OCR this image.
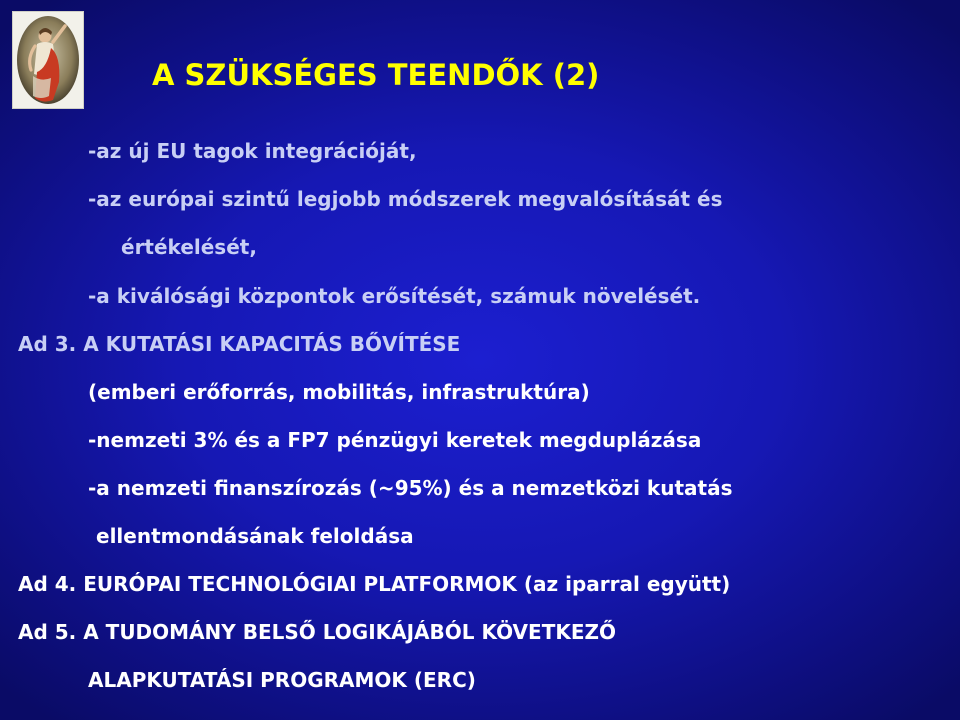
A SZÜKSÉGES TEENDŐK (2)
-az új EU tagok integrációját,
-az európai szintű legjobb módszerek megvalósítását és
értékelését,
-a kiválósági központok erősítését, számuk növelését.
Ad 3. A KUTATÁSI KAPACITÁS BŐVÍTÉSE
(emberi erőforrás, mobilitás, infrastruktúra)
-nemzeti 3% és a FP7 pénzügyi keretek megduplázása
-a nemzeti finanszírozás (~95%) és a nemzetközi kutatás
ellentmondásának feloldása
Ad 4. EURÓPAI TECHNOLÓGIAI PLATFORMOK (az iparral együtt)
Ad 5. A TUDOMÁNY BELSŐ LOGIKÁJÁBÓL KÖVETKEZŐ
ALAPKUTATÁSI PROGRAMOK (ERC)
